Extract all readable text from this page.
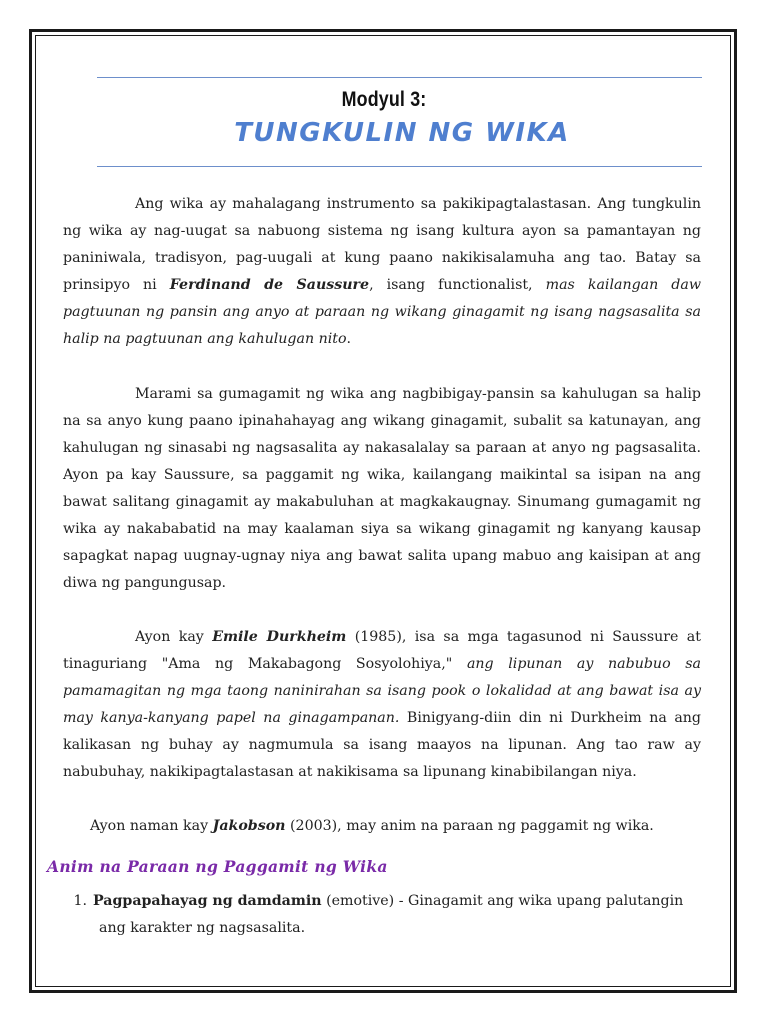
Modyul 3:
TUNGKULIN NG WIKA

Ang wika ay mahalagang instrumento sa pakikipagtalastasan. Ang tungkulin ng wika ay nag-uugat sa nabuong sistema ng isang kultura ayon sa pamantayan ng paniniwala, tradisyon, pag-uugali at kung paano nakikisalamuha ang tao. Batay sa prinsipyo ni Ferdinand de Saussure, isang functionalist, mas kailangan daw pagtuunan ng pansin ang anyo at paraan ng wikang ginagamit ng isang nagsasalita sa halip na pagtuunan ang kahulugan nito.

Marami sa gumagamit ng wika ang nagbibigay-pansin sa kahulugan sa halip na sa anyo kung paano ipinahahayag ang wikang ginagamit, subalit sa katunayan, ang kahulugan ng sinasabi ng nagsasalita ay nakasalalay sa paraan at anyo ng pagsasalita. Ayon pa kay Saussure, sa paggamit ng wika, kailangang maikintal sa isipan na ang bawat salitang ginagamit ay makabuluhan at magkakaugnay. Sinumang gumagamit ng wika ay nakababatid na may kaalaman siya sa wikang ginagamit ng kanyang kausap sapagkat napag uugnay-ugnay niya ang bawat salita upang mabuo ang kaisipan at ang diwa ng pangungusap.

Ayon kay Emile Durkheim (1985), isa sa mga tagasunod ni Saussure at tinaguriang "Ama ng Makabagong Sosyolohiya," ang lipunan ay nabubuo sa pamamagitan ng mga taong naninirahan sa isang pook o lokalidad at ang bawat isa ay may kanya-kanyang papel na ginagampanan. Binigyang-diin din ni Durkheim na ang kalikasan ng buhay ay nagmumula sa isang maayos na lipunan. Ang tao raw ay nabubuhay, nakikipagtalastasan at nakikisama sa lipunang kinabibilangan niya.

Ayon naman kay Jakobson (2003), may anim na paraan ng paggamit ng wika.

Anim na Paraan ng Paggamit ng Wika
1. Pagpapahayag ng damdamin (emotive) - Ginagamit ang wika upang palutangin
ang karakter ng nagsasalita.
